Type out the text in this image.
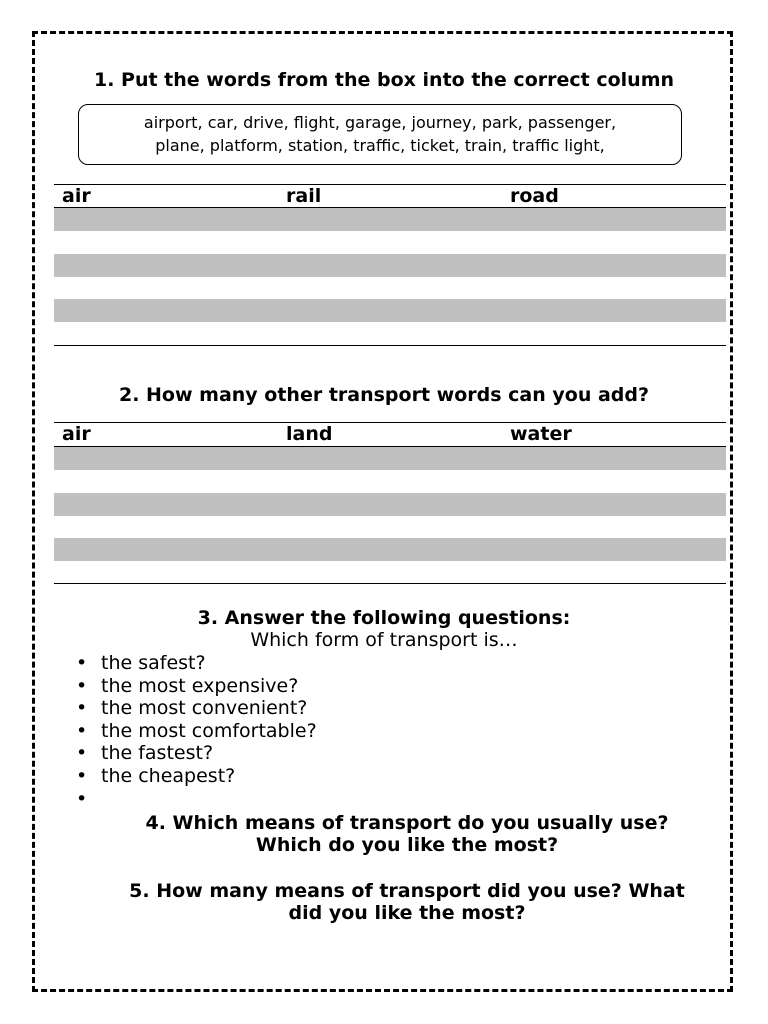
1. Put the words from the box into the correct column
airport, car, drive, flight, garage, journey, park, passenger,
plane, platform, station, traffic, ticket, train, traffic light,
air	rail	road
2. How many other transport words can you add?
air	land	water
3. Answer the following questions:
Which form of transport is…
• the safest?
• the most expensive?
• the most convenient?
• the most comfortable?
• the fastest?
• the cheapest?
•
4. Which means of transport do you usually use?
Which do you like the most?
5. How many means of transport did you use? What
did you like the most?
